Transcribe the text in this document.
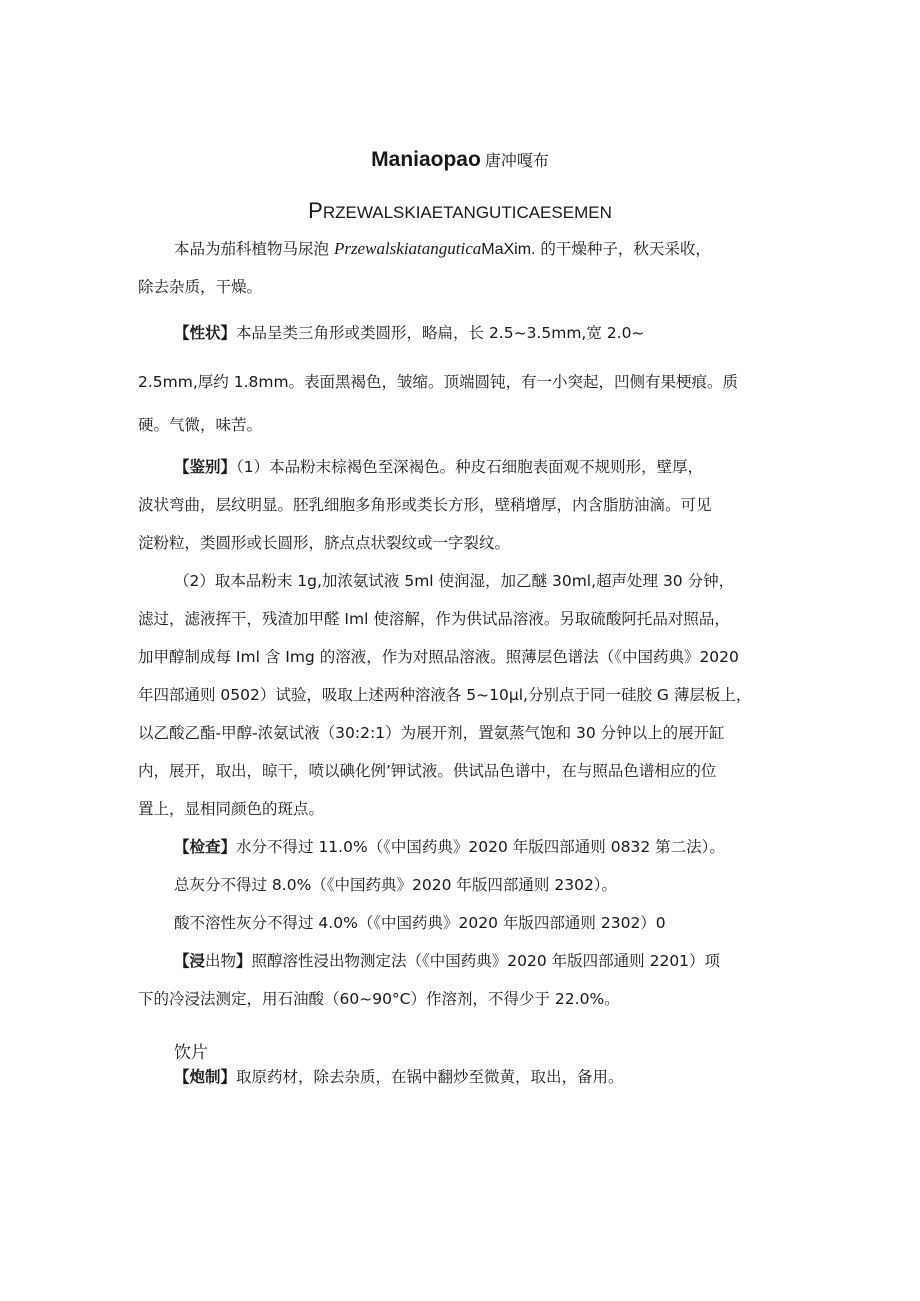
Maniaopao 唐冲嘎布
PRZEWALSKIAETANGUTICAESEMEN
本品为茄科植物马尿泡 PrzewalskiatanguticaMaXim. 的干燥种子，秋天采收，
除去杂质，干燥。
【性状】本品呈类三角形或类圆形，略扁，长 2.5~3.5mm,宽 2.0~
2.5mm,厚约 1.8mm。表面黑褐色，皱缩。顶端圆钝，有一小突起，凹侧有果梗痕。质
硬。气微，味苦。
【鉴别】（1）本品粉末棕褐色至深褐色。种皮石细胞表面观不规则形，壁厚，
波状弯曲，层纹明显。胚乳细胞多角形或类长方形，壁稍增厚，内含脂肪油滴。可见
淀粉粒，类圆形或长圆形，脐点点状裂纹或一字裂纹。
（2）取本品粉末 1g,加浓氨试液 5ml 使润湿，加乙醚 30ml,超声处理 30 分钟，
滤过，滤液挥干，残渣加甲醛 Iml 使溶解，作为供试品溶液。另取硫酸阿托品对照品，
加甲醇制成每 Iml 含 Img 的溶液，作为对照品溶液。照薄层色谱法（《中国药典》2020
年四部通则 0502）试验，吸取上述两种溶液各 5~10μl,分别点于同一硅胶 G 薄层板上，
以乙酸乙酯-甲醇-浓氨试液（30:2:1）为展开剂，置氨蒸气饱和 30 分钟以上的展开缸
内，展开，取出，晾干，喷以碘化例’钾试液。供试品色谱中，在与照品色谱相应的位
置上，显相同颜色的斑点。
【检查】水分不得过 11.0%（《中国药典》2020 年版四部通则 0832 第二法）。
总灰分不得过 8.0%（《中国药典》2020 年版四部通则 2302）。
酸不溶性灰分不得过 4.0%（《中国药典》2020 年版四部通则 2302）0
【浸出物】照醇溶性浸出物测定法（《中国药典》2020 年版四部通则 2201）项
下的冷浸法测定，用石油酸（60~90°C）作溶剂，不得少于 22.0%。
饮片
【炮制】取原药材，除去杂质，在锅中翻炒至微黄，取出，备用。
